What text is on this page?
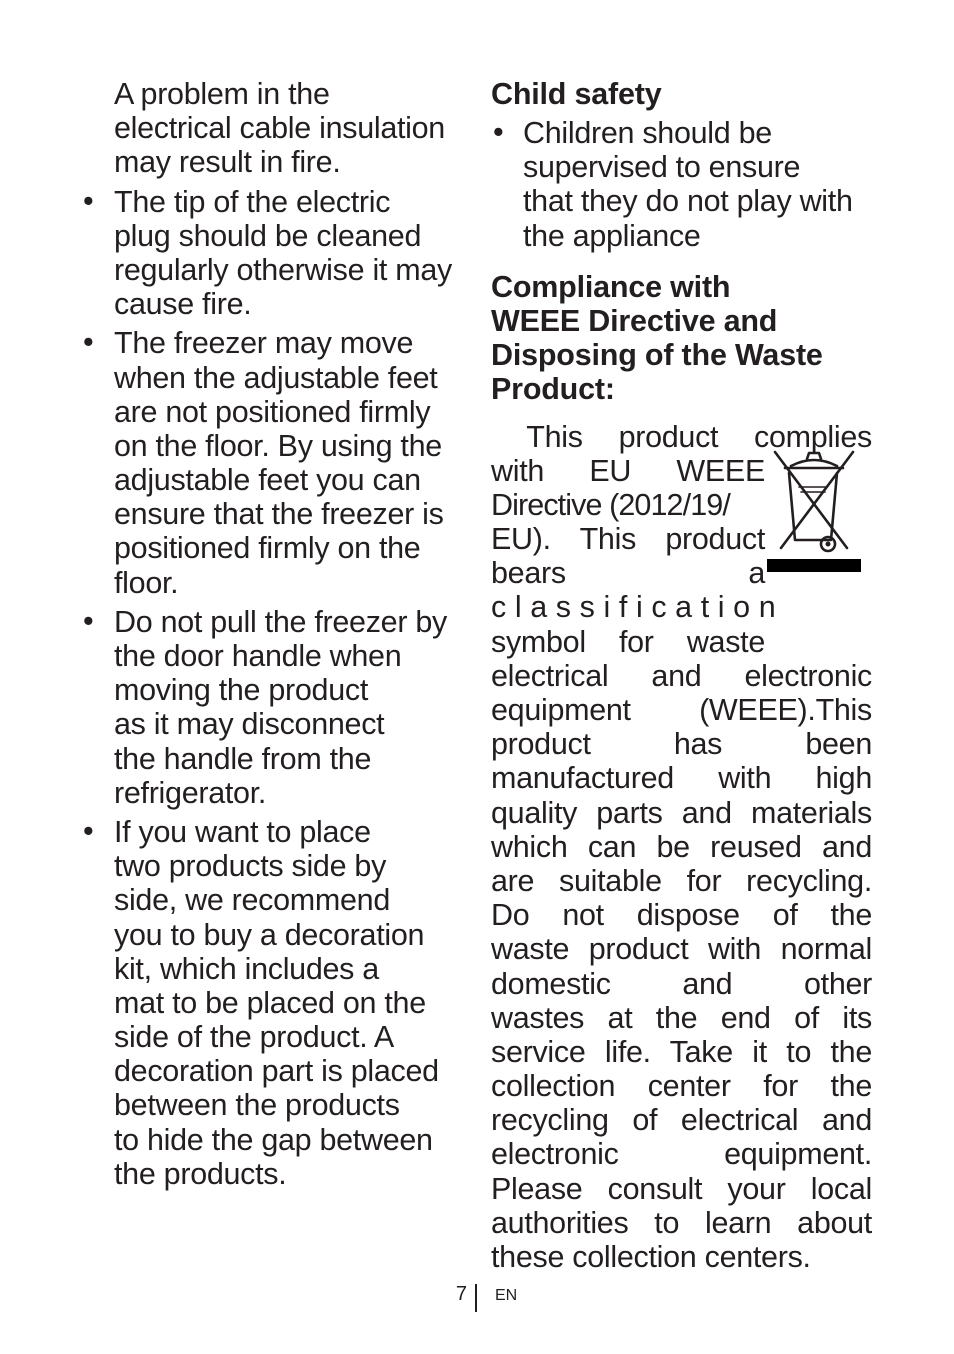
A problem in the
electrical cable insulation
may result in fire.
• The tip of the electric
plug should be cleaned
regularly otherwise it may
cause fire.
• The freezer may move
when the adjustable feet
are not positioned firmly
on the floor. By using the
adjustable feet you can
ensure that the freezer is
positioned firmly on the
floor.
• Do not pull the freezer by
the door handle when
moving the product
as it may disconnect
the handle from the
refrigerator.
• If you want to place
two products side by
side, we recommend
you to buy a decoration
kit, which includes a
mat to be placed on the
side of the product. A
decoration part is placed
between the products
to hide the gap between
the products.
Child safety
• Children should be
supervised to ensure
that they do not play with
the appliance
Compliance with
WEEE Directive and
Disposing of the Waste
Product:
This product complies
with EU WEEE
Directive (2012/19/
EU). This product
bears a
classification
symbol for waste
electrical and electronic
equipment (WEEE).This
product has been
manufactured with high
quality parts and materials
which can be reused and
are suitable for recycling.
Do not dispose of the
waste product with normal
domestic and other
wastes at the end of its
service life. Take it to the
collection center for the
recycling of electrical and
electronic equipment.
Please consult your local
authorities to learn about
these collection centers.
7 EN
